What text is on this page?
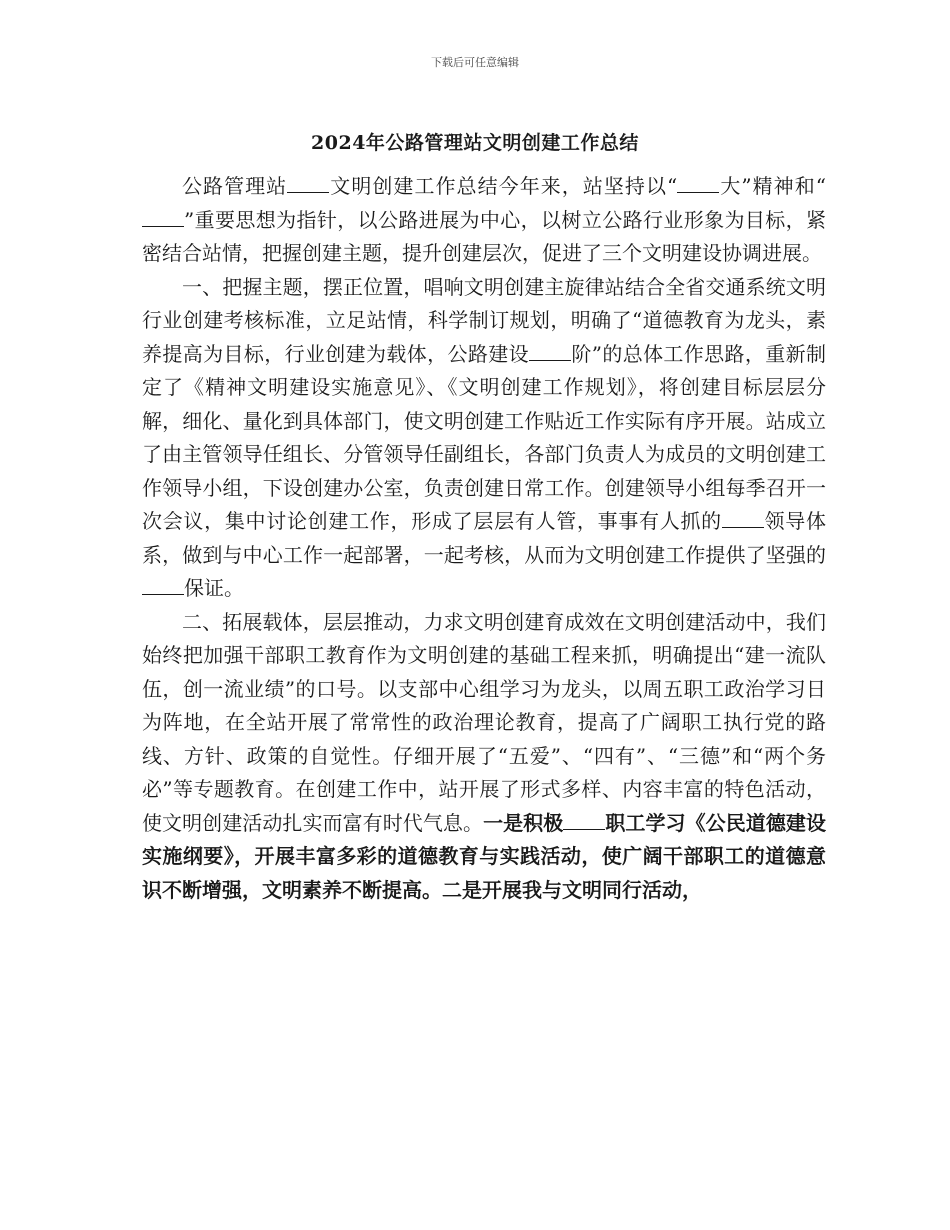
下载后可任意编辑
2024年公路管理站文明创建工作总结

公路管理站 文明创建工作总结今年来，站坚持以“ 大”精神和“”重要思想为指针，以公路进展为中心，以树立公路行业形象为目标，紧密结合站情，把握创建主题，提升创建层次，促进了三个文明建设协调进展。

一、把握主题，摆正位置，唱响文明创建主旋律站结合全省交通系统文明行业创建考核标准，立足站情，科学制订规划，明确了“道德教育为龙头，素养提高为目标，行业创建为载体，公路建设 阶”的总体工作思路，重新制定了《精神文明建设实施意见》、《文明创建工作规划》，将创建目标层层分解，细化、量化到具体部门，使文明创建工作贴近工作实际有序开展。站成立了由主管领导任组长、分管领导任副组长，各部门负责人为成员的文明创建工作领导小组，下设创建办公室，负责创建日常工作。创建领导小组每季召开一次会议，集中讨论创建工作，形成了层层有人管，事事有人抓的 领导体系，做到与中心工作一起部署，一起考核，从而为文明创建工作提供了坚强的保证。

二、拓展载体，层层推动，力求文明创建育成效在文明创建活动中，我们始终把加强干部职工教育作为文明创建的基础工程来抓，明确提出“建一流队伍，创一流业绩”的口号。以支部中心组学习为龙头，以周五职工政治学习日为阵地，在全站开展了常常性的政治理论教育，提高了广阔职工执行党的路线、方针、政策的自觉性。仔细开展了“五爱”、“四有”、“三德”和“两个务必”等专题教育。在创建工作中，站开展了形式多样、内容丰富的特色活动，使文明创建活动扎实而富有时代气息。一是积极 职工学习《公民道德建设实施纲要》，开展丰富多彩的道德教育与实践活动，使广阔干部职工的道德意识不断增强，文明素养不断提高。二是开展我与文明同行活动，
